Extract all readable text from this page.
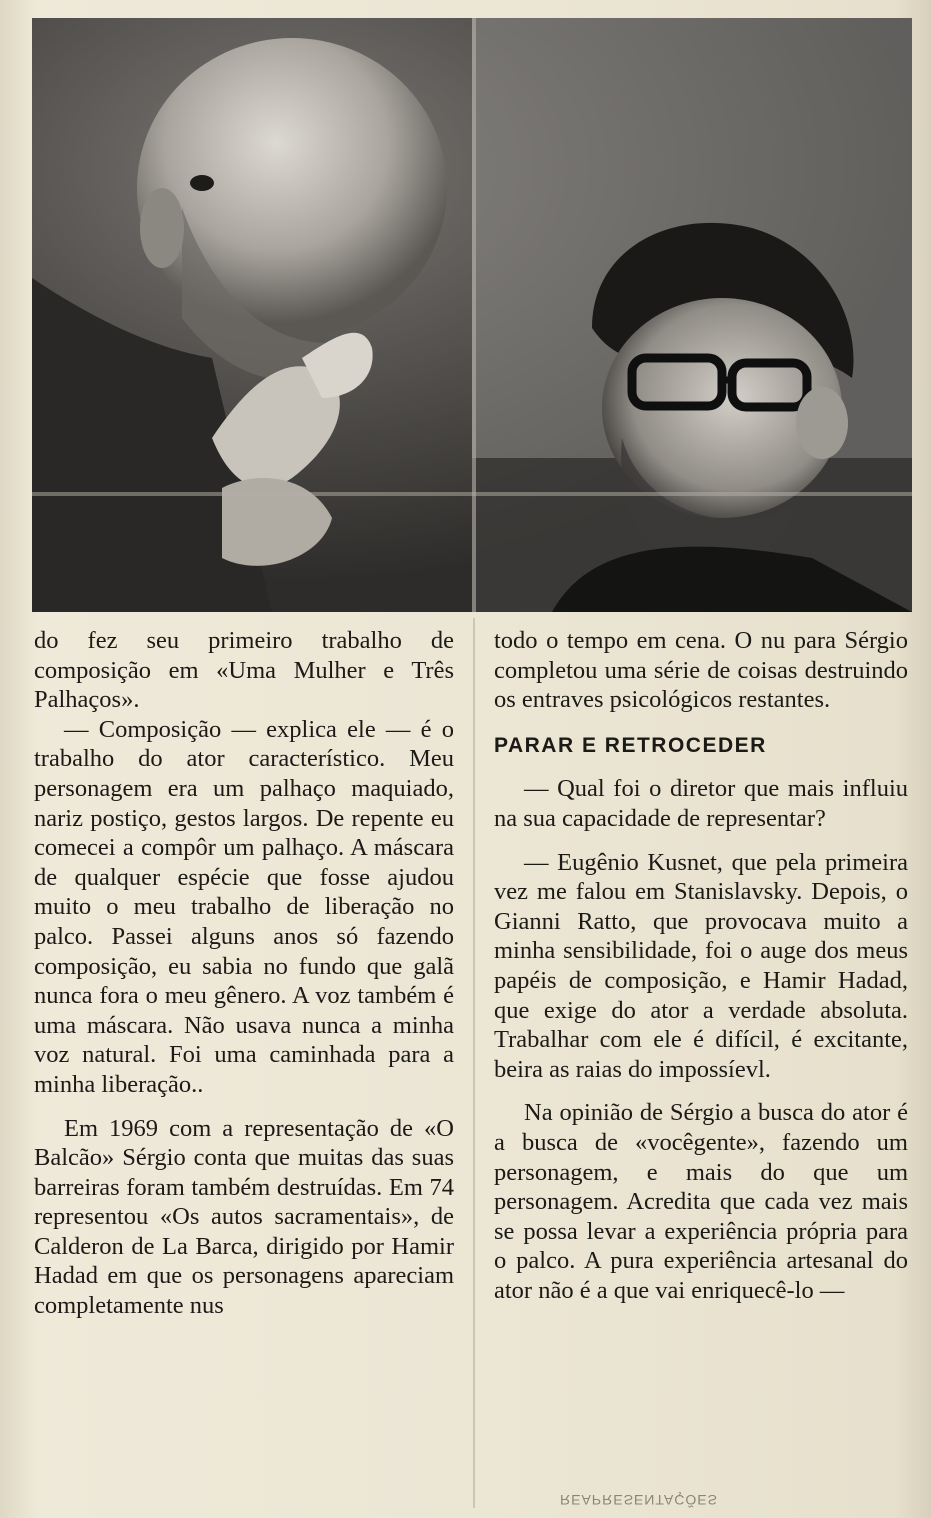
do fez seu primeiro trabalho de composição em «Uma Mulher e Três Palhaços».

— Composição — explica ele — é o trabalho do ator característico. Meu personagem era um palhaço maquiado, nariz postiço, gestos largos. De repente eu comecei a compôr um palhaço. A máscara de qualquer espécie que fosse ajudou muito o meu trabalho de liberação no palco. Passei alguns anos só fazendo composição, eu sabia no fundo que galã nunca fora o meu gênero. A voz também é uma máscara. Não usava nunca a minha voz natural. Foi uma caminhada para a minha liberação..

Em 1969 com a representação de «O Balcão» Sérgio conta que muitas das suas barreiras foram também destruídas. Em 74 representou «Os autos sacramentais», de Calderon de La Barca, dirigido por Hamir Hadad em que os personagens apareciam completamente nus

todo o tempo em cena. O nu para Sérgio completou uma série de coisas destruindo os entraves psicológicos restantes.

PARAR E RETROCEDER

— Qual foi o diretor que mais influiu na sua capacidade de representar?

— Eugênio Kusnet, que pela primeira vez me falou em Stanislavsky. Depois, o Gianni Ratto, que provocava muito a minha sensibilidade, foi o auge dos meus papéis de composição, e Hamir Hadad, que exige do ator a verdade absoluta. Trabalhar com ele é difícil, é excitante, beira as raias do impossíevl.

Na opinião de Sérgio a busca do ator é a busca de «vocêgente», fazendo um personagem, e mais do que um personagem. Acredita que cada vez mais se possa levar a experiência própria para o palco. A pura experiência artesanal do ator não é a que vai enriquecê-lo —

REAPRESENTAÇÕES
